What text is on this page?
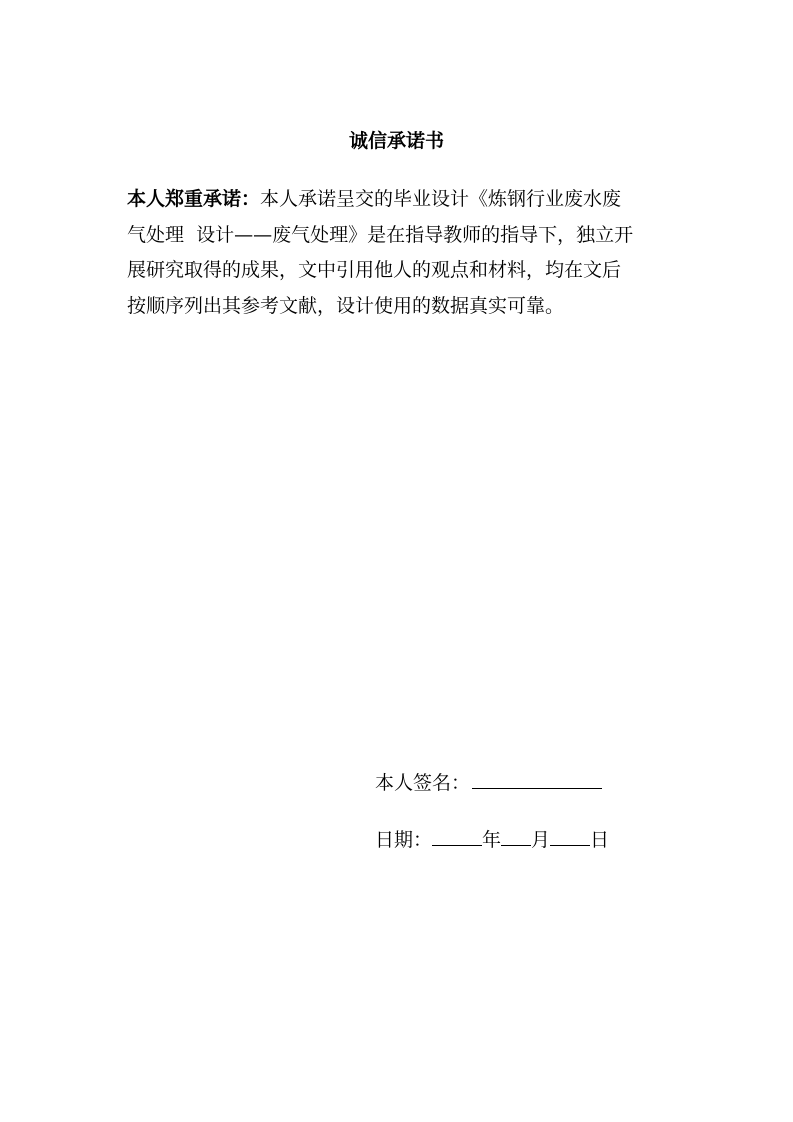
诚信承诺书
本人郑重承诺：本人承诺呈交的毕业设计《炼钢行业废水废
气处理  设计——废气处理》是在指导教师的指导下，独立开
展研究取得的成果，文中引用他人的观点和材料，均在文后
按顺序列出其参考文献，设计使用的数据真实可靠。
本人签名：
日期：	年 月 日
